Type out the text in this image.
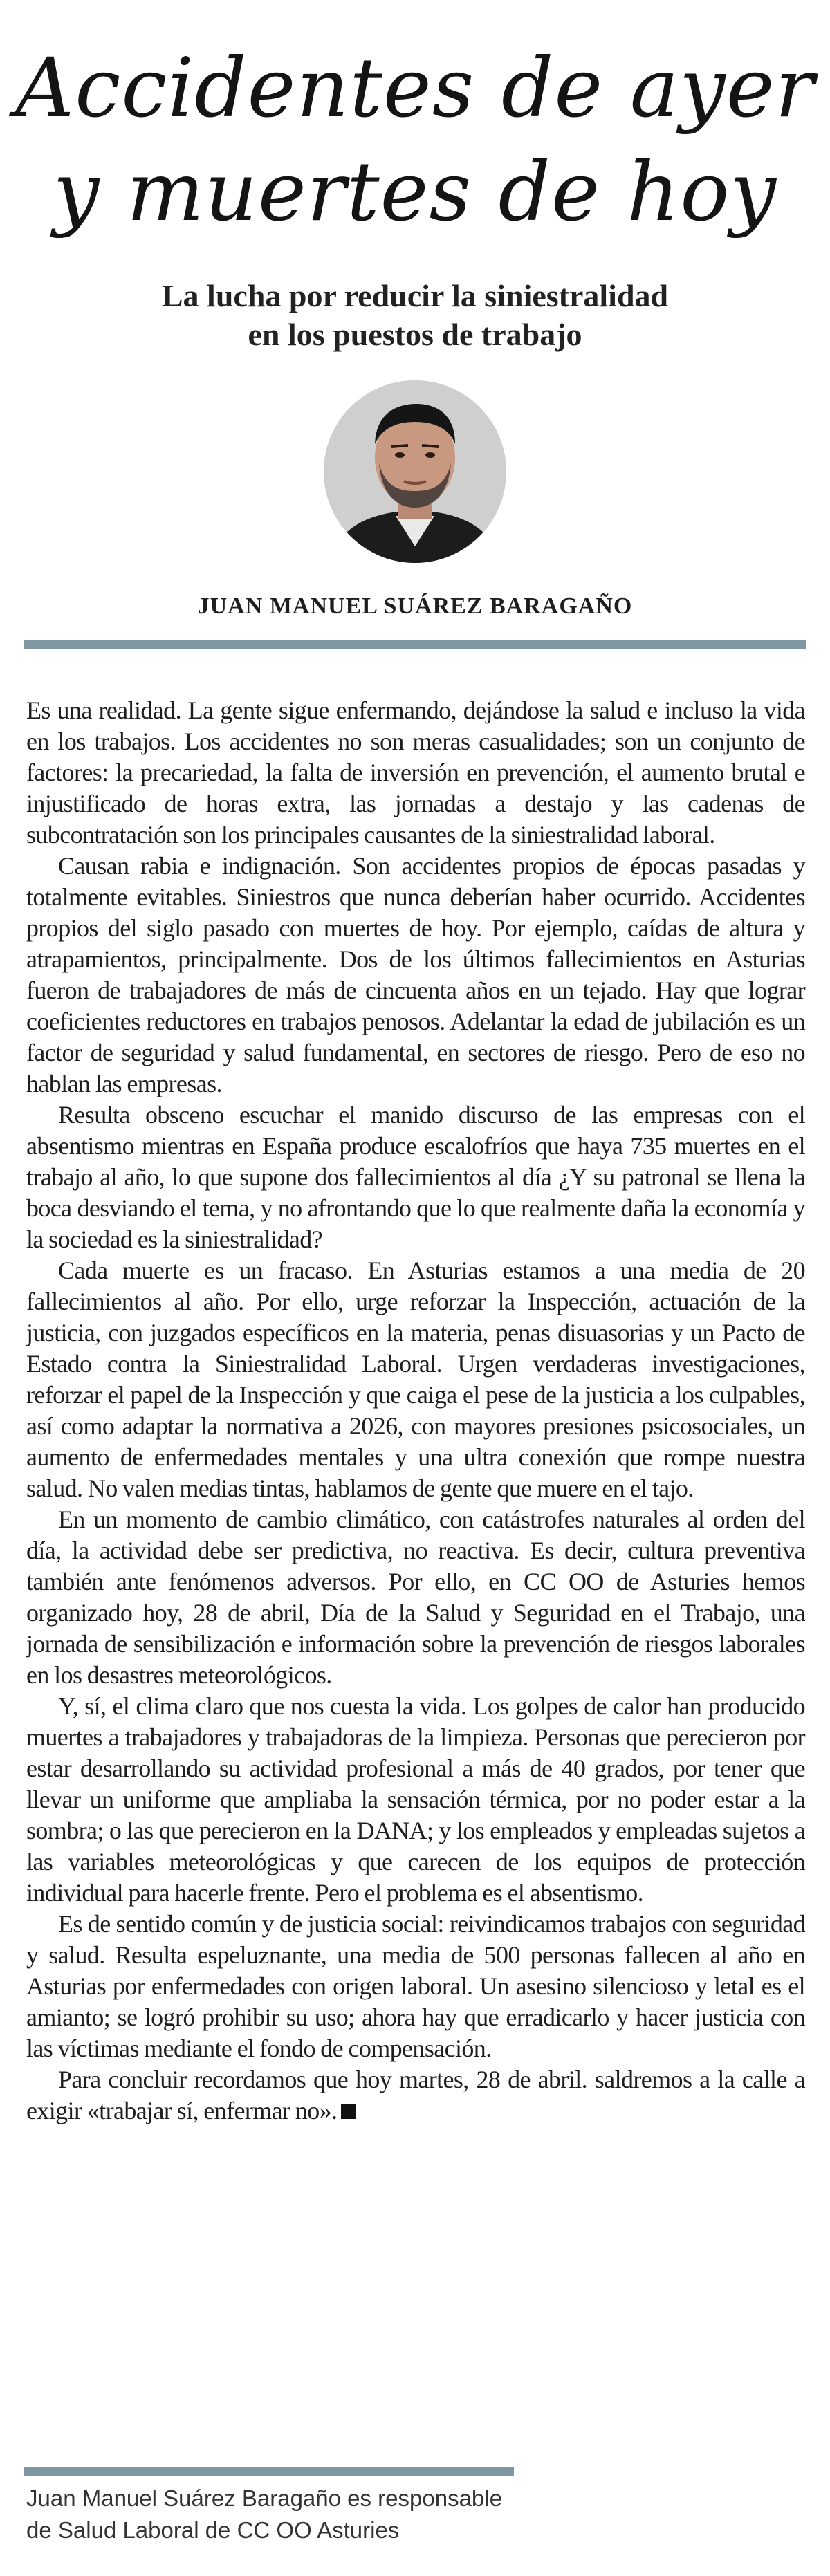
Accidentes de ayer
y muertes de hoy
La lucha por reducir la siniestralidad
en los puestos de trabajo
JUAN MANUEL SUÁREZ BARAGAÑO

Es una realidad. La gente sigue enfermando, dejándose la salud e incluso la vida en los trabajos. Los accidentes no son meras casualidades; son un conjunto de factores: la precariedad, la falta de inversión en prevención, el aumento brutal e injustificado de horas extra, las jornadas a destajo y las cadenas de subcontratación son los principales causantes de la siniestralidad laboral.

Causan rabia e indignación. Son accidentes propios de épocas pasadas y totalmente evitables. Siniestros que nunca deberían haber ocurrido. Accidentes propios del siglo pasado con muertes de hoy. Por ejemplo, caídas de altura y atrapamientos, principalmente. Dos de los últimos fallecimientos en Asturias fueron de trabajadores de más de cincuenta años en un tejado. Hay que lograr coeficientes reductores en trabajos penosos. Adelantar la edad de jubilación es un factor de seguridad y salud fundamental, en sectores de riesgo. Pero de eso no hablan las empresas.

Resulta obsceno escuchar el manido discurso de las empresas con el absentismo mientras en España produce escalofríos que haya 735 muertes en el trabajo al año, lo que supone dos fallecimientos al día ¿Y su patronal se llena la boca desviando el tema, y no afrontando que lo que realmente daña la economía y la sociedad es la siniestralidad?

Cada muerte es un fracaso. En Asturias estamos a una media de 20 fallecimientos al año. Por ello, urge reforzar la Inspección, actuación de la justicia, con juzgados específicos en la materia, penas disuasorias y un Pacto de Estado contra la Siniestralidad Laboral. Urgen verdaderas investigaciones, reforzar el papel de la Inspección y que caiga el pese de la justicia a los culpables, así como adaptar la normativa a 2026, con mayores presiones psicosociales, un aumento de enfermedades mentales y una ultra conexión que rompe nuestra salud. No valen medias tintas, hablamos de gente que muere en el tajo.

En un momento de cambio climático, con catástrofes naturales al orden del día, la actividad debe ser predictiva, no reactiva. Es decir, cultura preventiva también ante fenómenos adversos. Por ello, en CC OO de Asturies hemos organizado hoy, 28 de abril, Día de la Salud y Seguridad en el Trabajo, una jornada de sensibilización e información sobre la prevención de riesgos laborales en los desastres meteorológicos.

Y, sí, el clima claro que nos cuesta la vida. Los golpes de calor han producido muertes a trabajadores y trabajadoras de la limpieza. Personas que perecieron por estar desarrollando su actividad profesional a más de 40 grados, por tener que llevar un uniforme que ampliaba la sensación térmica, por no poder estar a la sombra; o las que perecieron en la DANA; y los empleados y empleadas sujetos a las variables meteorológicas y que carecen de los equipos de protección individual para hacerle frente. Pero el problema es el absentismo.

Es de sentido común y de justicia social: reivindicamos trabajos con seguridad y salud. Resulta espeluznante, una media de 500 personas fallecen al año en Asturias por enfermedades con origen laboral. Un asesino silencioso y letal es el amianto; se logró prohibir su uso; ahora hay que erradicarlo y hacer justicia con las víctimas mediante el fondo de compensación.

Para concluir recordamos que hoy martes, 28 de abril. saldremos a la calle a exigir «trabajar sí, enfermar no».

Juan Manuel Suárez Baragaño es responsable
de Salud Laboral de CC OO Asturies
